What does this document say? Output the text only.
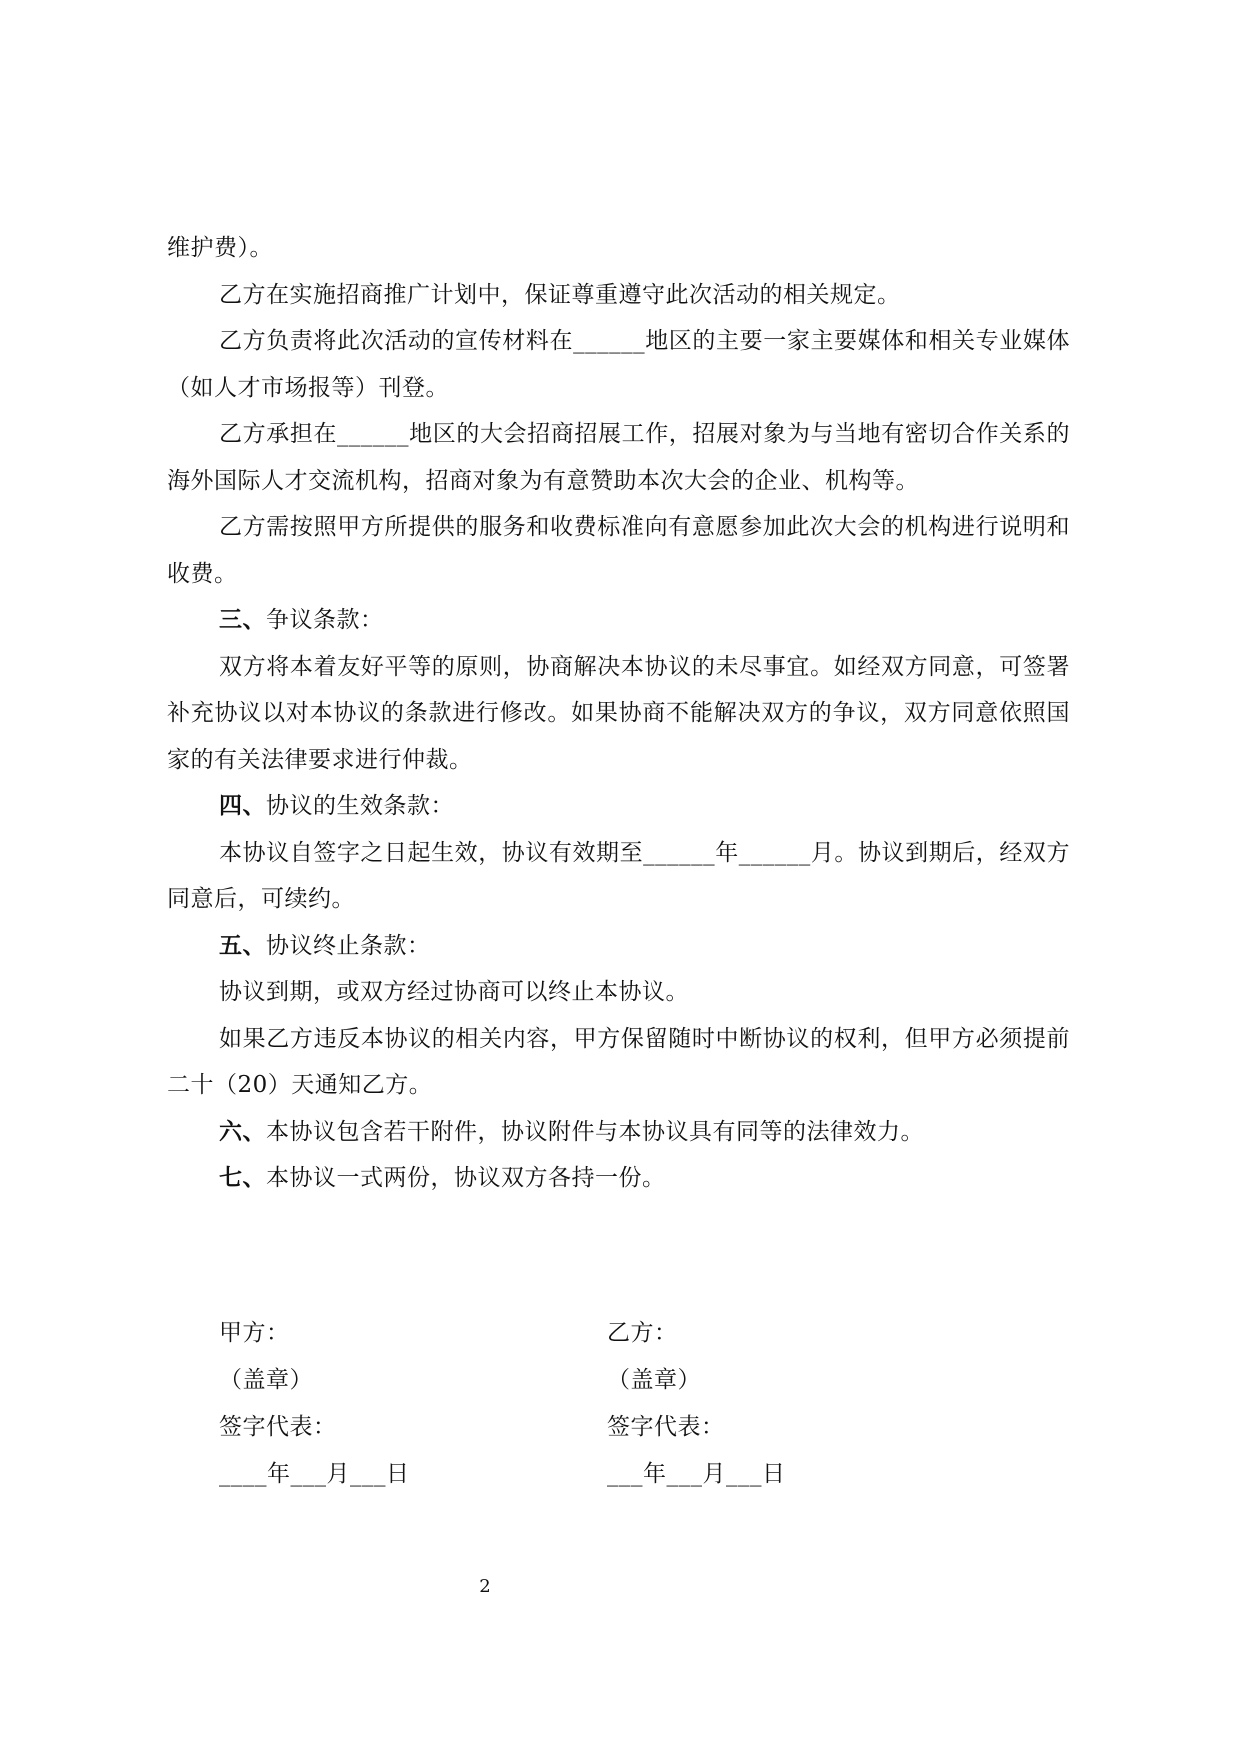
维护费）。

乙方在实施招商推广计划中，保证尊重遵守此次活动的相关规定。

乙方负责将此次活动的宣传材料在______地区的主要一家主要媒体和相关专业媒体（如人才市场报等）刊登。

乙方承担在______地区的大会招商招展工作，招展对象为与当地有密切合作关系的海外国际人才交流机构，招商对象为有意赞助本次大会的企业、机构等。

乙方需按照甲方所提供的服务和收费标准向有意愿参加此次大会的机构进行说明和收费。

三、争议条款：

双方将本着友好平等的原则，协商解决本协议的未尽事宜。如经双方同意，可签署补充协议以对本协议的条款进行修改。如果协商不能解决双方的争议，双方同意依照国家的有关法律要求进行仲裁。

四、协议的生效条款：

本协议自签字之日起生效，协议有效期至______年______月。协议到期后，经双方同意后，可续约。

五、协议终止条款：

协议到期，或双方经过协商可以终止本协议。

如果乙方违反本协议的相关内容，甲方保留随时中断协议的权利，但甲方必须提前二十（20）天通知乙方。

六、本协议包含若干附件，协议附件与本协议具有同等的法律效力。

七、本协议一式两份，协议双方各持一份。

甲方：

（盖章）

签字代表：

____年___月___日

乙方：

（盖章）

签字代表：

___年___月___日

2
